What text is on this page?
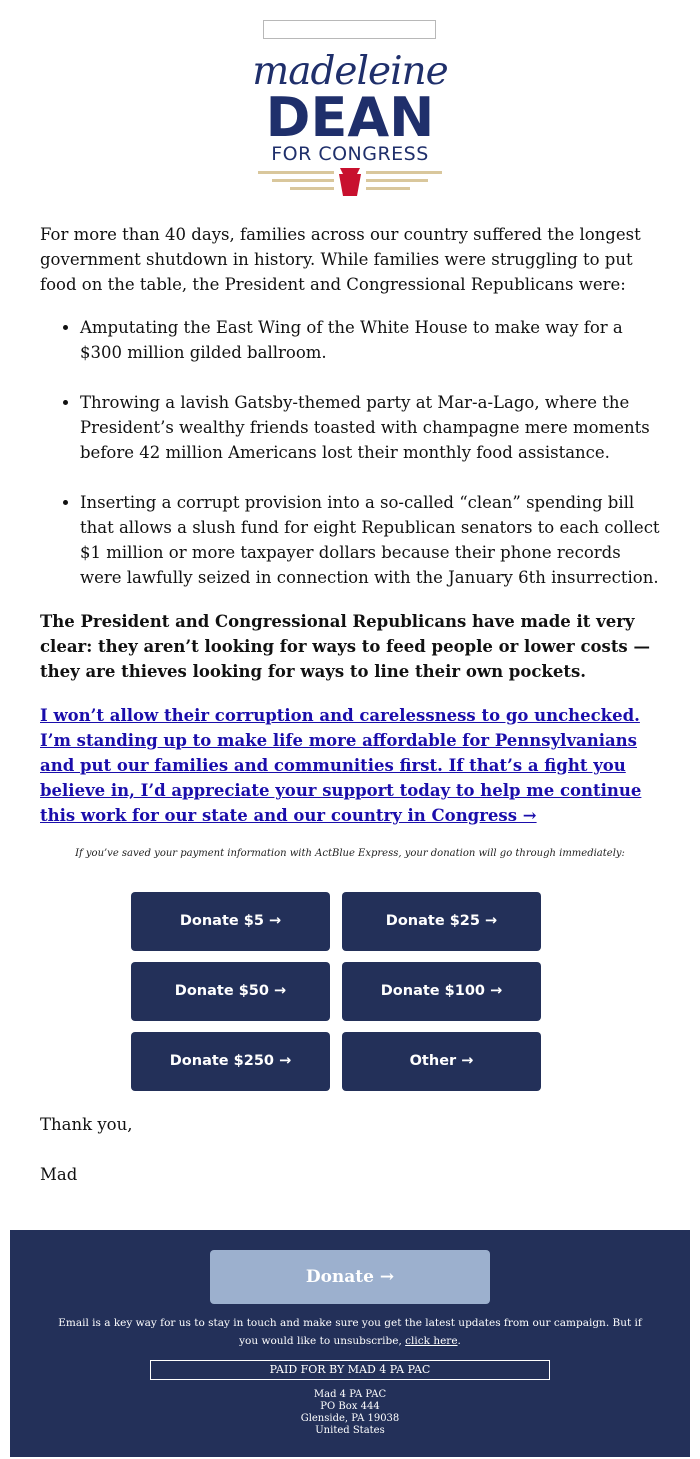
madeleine
DEAN
FOR CONGRESS

For more than 40 days, families across our country suffered the longest government shutdown in history. While families were struggling to put food on the table, the President and Congressional Republicans were:

• Amputating the East Wing of the White House to make way for a $300 million gilded ballroom.
• Throwing a lavish Gatsby-themed party at Mar-a-Lago, where the President’s wealthy friends toasted with champagne mere moments before 42 million Americans lost their monthly food assistance.
• Inserting a corrupt provision into a so-called “clean” spending bill that allows a slush fund for eight Republican senators to each collect $1 million or more taxpayer dollars because their phone records were lawfully seized in connection with the January 6th insurrection.

The President and Congressional Republicans have made it very clear: they aren’t looking for ways to feed people or lower costs — they are thieves looking for ways to line their own pockets.

I won’t allow their corruption and carelessness to go unchecked. I’m standing up to make life more affordable for Pennsylvanians and put our families and communities first. If that’s a fight you believe in, I’d appreciate your support today to help me continue this work for our state and our country in Congress →
If you’ve saved your payment information with ActBlue Express, your donation will go through immediately:
Donate $5 →	Donate $25 →
Donate $50 →	Donate $100 →
Donate $250 →	Other →
Thank you,
Mad
Donate →
Email is a key way for us to stay in touch and make sure you get the latest updates from our campaign. But if you would like to unsubscribe, click here.
PAID FOR BY MAD 4 PA PAC
Mad 4 PA PAC
PO Box 444
Glenside, PA 19038
United States
